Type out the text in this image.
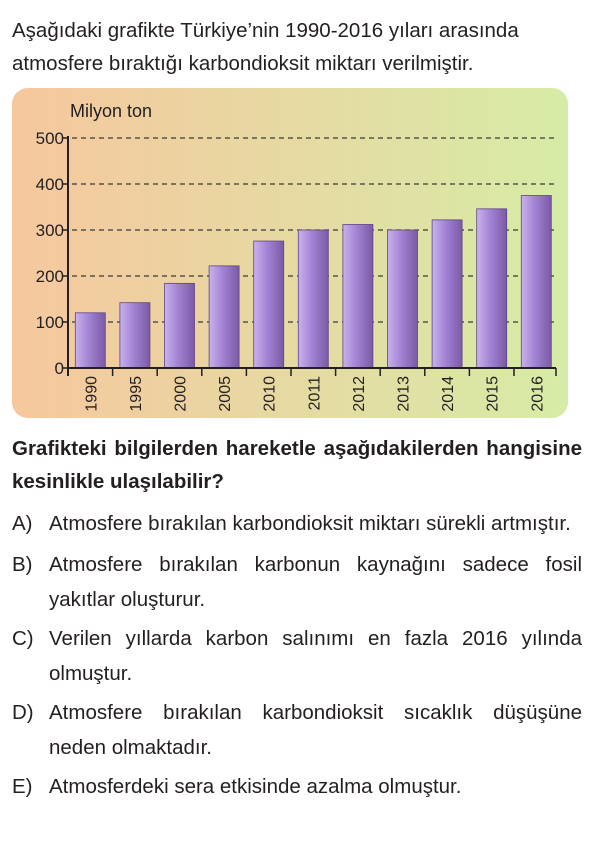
Aşağıdaki grafikte Türkiye’nin 1990-2016 yıları arasında atmosfere bıraktığı karbondioksit miktarı verilmiştir.

Milyon ton
0
100
200
300
400
500
1990 1995 2000 2005 2010 2011 2012 2013 2014 2015 2016

Grafikteki bilgilerden hareketle aşağıdakilerden hangisine kesinlikle ulaşılabilir?

A) Atmosfere bırakılan karbondioksit miktarı sürekli artmıştır.
B) Atmosfere bırakılan karbonun kaynağını sadece fosil yakıtlar oluşturur.
C) Verilen yıllarda karbon salınımı en fazla 2016 yılında olmuştur.
D) Atmosfere bırakılan karbondioksit sıcaklık düşüşüne neden olmaktadır.
E) Atmosferdeki sera etkisinde azalma olmuştur.
